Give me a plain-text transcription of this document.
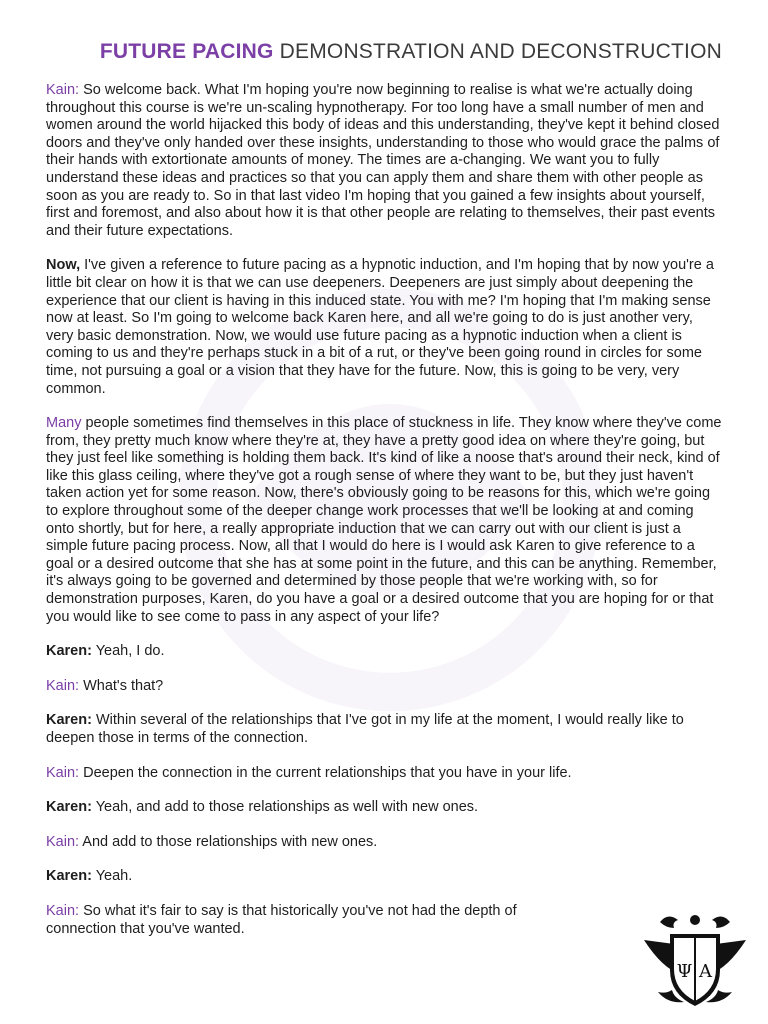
FUTURE PACING DEMONSTRATION AND DECONSTRUCTION

Kain: So welcome back. What I'm hoping you're now beginning to realise is what we're actually doing throughout this course is we're un-scaling hypnotherapy. For too long have a small number of men and women around the world hijacked this body of ideas and this understanding, they've kept it behind closed doors and they've only handed over these insights, understanding to those who would grace the palms of their hands with extortionate amounts of money. The times are a-changing. We want you to fully understand these ideas and practices so that you can apply them and share them with other people as soon as you are ready to. So in that last video I'm hoping that you gained a few insights about yourself, first and foremost, and also about how it is that other people are relating to themselves, their past events and their future expectations.

Now, I've given a reference to future pacing as a hypnotic induction, and I'm hoping that by now you're a little bit clear on how it is that we can use deepeners. Deepeners are just simply about deepening the experience that our client is having in this induced state. You with me? I'm hoping that I'm making sense now at least. So I'm going to welcome back Karen here, and all we're going to do is just another very, very basic demonstration. Now, we would use future pacing as a hypnotic induction when a client is coming to us and they're perhaps stuck in a bit of a rut, or they've been going round in circles for some time, not pursuing a goal or a vision that they have for the future. Now, this is going to be very, very common.

Many people sometimes find themselves in this place of stuckness in life. They know where they've come from, they pretty much know where they're at, they have a pretty good idea on where they're going, but they just feel like something is holding them back. It's kind of like a noose that's around their neck, kind of like this glass ceiling, where they've got a rough sense of where they want to be, but they just haven't taken action yet for some reason. Now, there's obviously going to be reasons for this, which we're going to explore throughout some of the deeper change work processes that we'll be looking at and coming onto shortly, but for here, a really appropriate induction that we can carry out with our client is just a simple future pacing process. Now, all that I would do here is I would ask Karen to give reference to a goal or a desired outcome that she has at some point in the future, and this can be anything. Remember, it's always going to be governed and determined by those people that we're working with, so for demonstration purposes, Karen, do you have a goal or a desired outcome that you are hoping for or that you would like to see come to pass in any aspect of your life?

Karen: Yeah, I do.

Kain: What's that?

Karen: Within several of the relationships that I've got in my life at the moment, I would really like to deepen those in terms of the connection.

Kain: Deepen the connection in the current relationships that you have in your life.

Karen: Yeah, and add to those relationships as well with new ones.

Kain: And add to those relationships with new ones.

Karen: Yeah.

Kain: So what it's fair to say is that historically you've not had the depth of connection that you've wanted.

Ψ A
